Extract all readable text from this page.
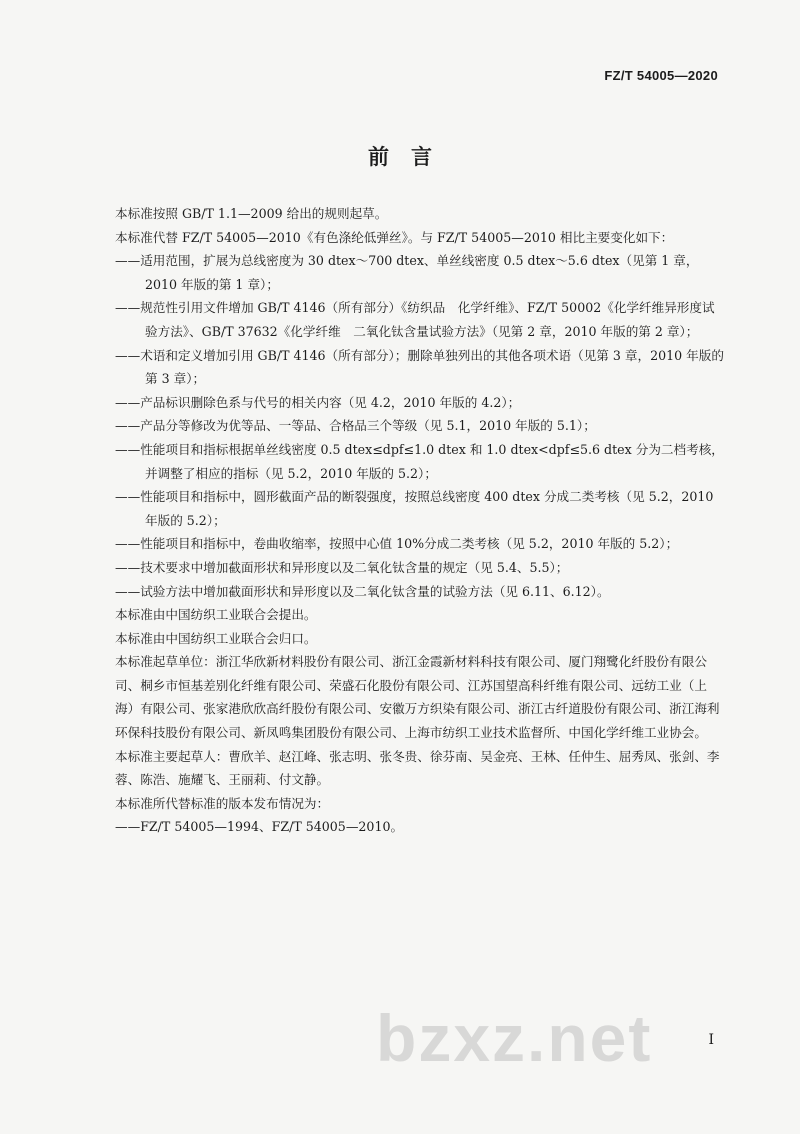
FZ/T 54005—2020
前言

本标准按照 GB/T 1.1—2009 给出的规则起草。

本标准代替 FZ/T 54005—2010《有色涤纶低弹丝》。与 FZ/T 54005—2010 相比主要变化如下：

——适用范围，扩展为总线密度为 30 dtex～700 dtex、单丝线密度 0.5 dtex～5.6 dtex（见第 1 章，2010 年版的第 1 章）；

——规范性引用文件增加 GB/T 4146（所有部分）《纺织品　化学纤维》、FZ/T 50002《化学纤维异形度试验方法》、GB/T 37632《化学纤维　二氧化钛含量试验方法》（见第 2 章，2010 年版的第 2 章）；

——术语和定义增加引用 GB/T 4146（所有部分）；删除单独列出的其他各项术语（见第 3 章，2010 年版的第 3 章）；

——产品标识删除色系与代号的相关内容（见 4.2，2010 年版的 4.2）；

——产品分等修改为优等品、一等品、合格品三个等级（见 5.1，2010 年版的 5.1）；

——性能项目和指标根据单丝线密度 0.5 dtex≤dpf≤1.0 dtex 和 1.0 dtex<dpf≤5.6 dtex 分为二档考核，并调整了相应的指标（见 5.2，2010 年版的 5.2）；

——性能项目和指标中，圆形截面产品的断裂强度，按照总线密度 400 dtex 分成二类考核（见 5.2，2010 年版的 5.2）；

——性能项目和指标中，卷曲收缩率，按照中心值 10%分成二类考核（见 5.2，2010 年版的 5.2）；

——技术要求中增加截面形状和异形度以及二氧化钛含量的规定（见 5.4、5.5）；

——试验方法中增加截面形状和异形度以及二氧化钛含量的试验方法（见 6.11、6.12）。

本标准由中国纺织工业联合会提出。

本标准由中国纺织工业联合会归口。

本标准起草单位：浙江华欣新材料股份有限公司、浙江金霞新材料科技有限公司、厦门翔鹭化纤股份有限公司、桐乡市恒基差别化纤维有限公司、荣盛石化股份有限公司、江苏国望高科纤维有限公司、远纺工业（上海）有限公司、张家港欣欣高纤股份有限公司、安徽万方织染有限公司、浙江古纤道股份有限公司、浙江海利环保科技股份有限公司、新凤鸣集团股份有限公司、上海市纺织工业技术监督所、中国化学纤维工业协会。

本标准主要起草人：曹欣羊、赵江峰、张志明、张冬贵、徐芬南、吴金亮、王林、任仲生、屈秀凤、张剑、李蓉、陈浩、施耀飞、王丽莉、付文静。

本标准所代替标准的版本发布情况为：

——FZ/T 54005—1994、FZ/T 54005—2010。

bzxz.net	I
